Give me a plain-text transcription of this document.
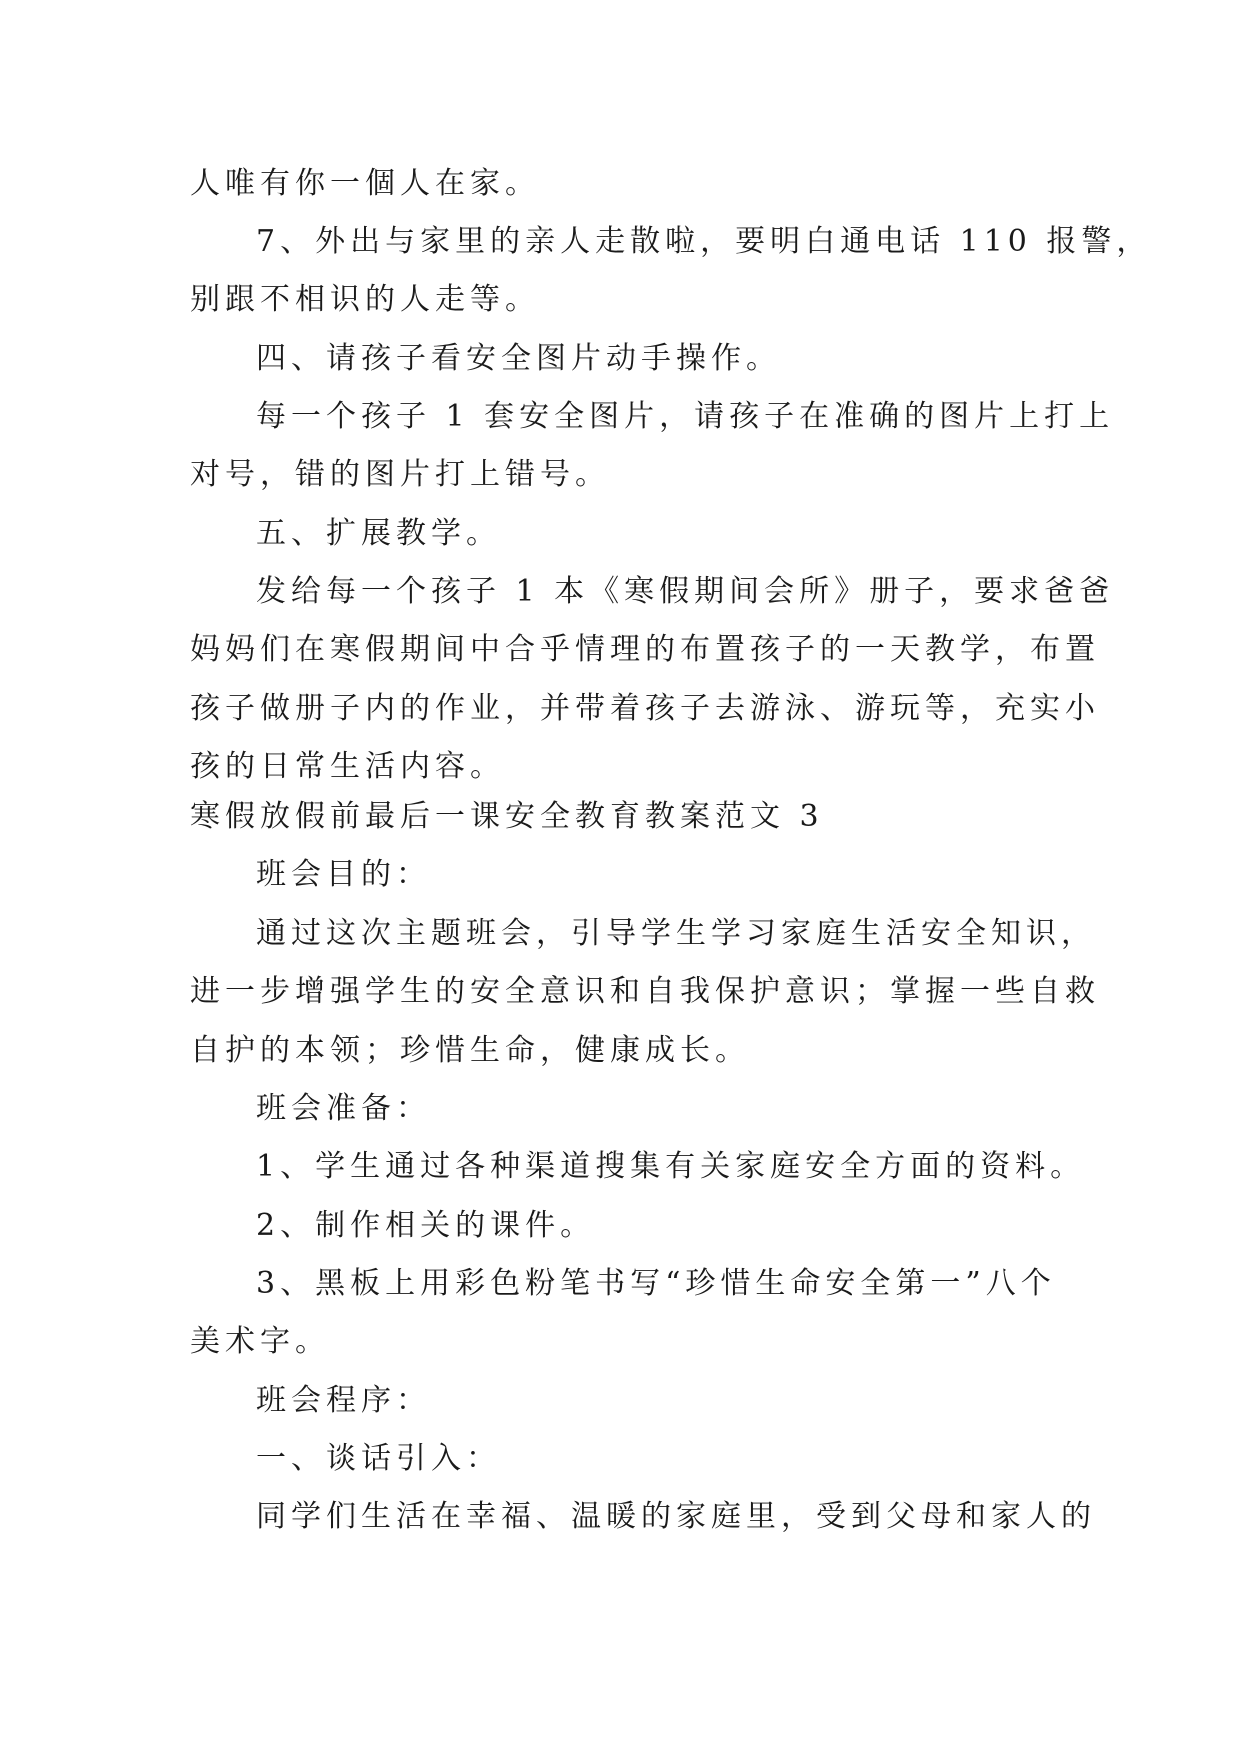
人唯有你一個人在家。
7、外出与家里的亲人走散啦，要明白通电话 110 报警，
别跟不相识的人走等。
四、请孩子看安全图片动手操作。
每一个孩子 1 套安全图片，请孩子在准确的图片上打上
对号，错的图片打上错号。
五、扩展教学。
发给每一个孩子 1 本《寒假期间会所》册子，要求爸爸
妈妈们在寒假期间中合乎情理的布置孩子的一天教学，布置
孩子做册子内的作业，并带着孩子去游泳、游玩等，充实小
孩的日常生活内容。
寒假放假前最后一课安全教育教案范文 3
班会目的：
通过这次主题班会，引导学生学习家庭生活安全知识，
进一步增强学生的安全意识和自我保护意识；掌握一些自救
自护的本领；珍惜生命，健康成长。
班会准备：
1、学生通过各种渠道搜集有关家庭安全方面的资料。
2、制作相关的课件。
3、黑板上用彩色粉笔书写“珍惜生命安全第一”八个
美术字。
班会程序：
一、谈话引入：
同学们生活在幸福、温暖的家庭里，受到父母和家人的
